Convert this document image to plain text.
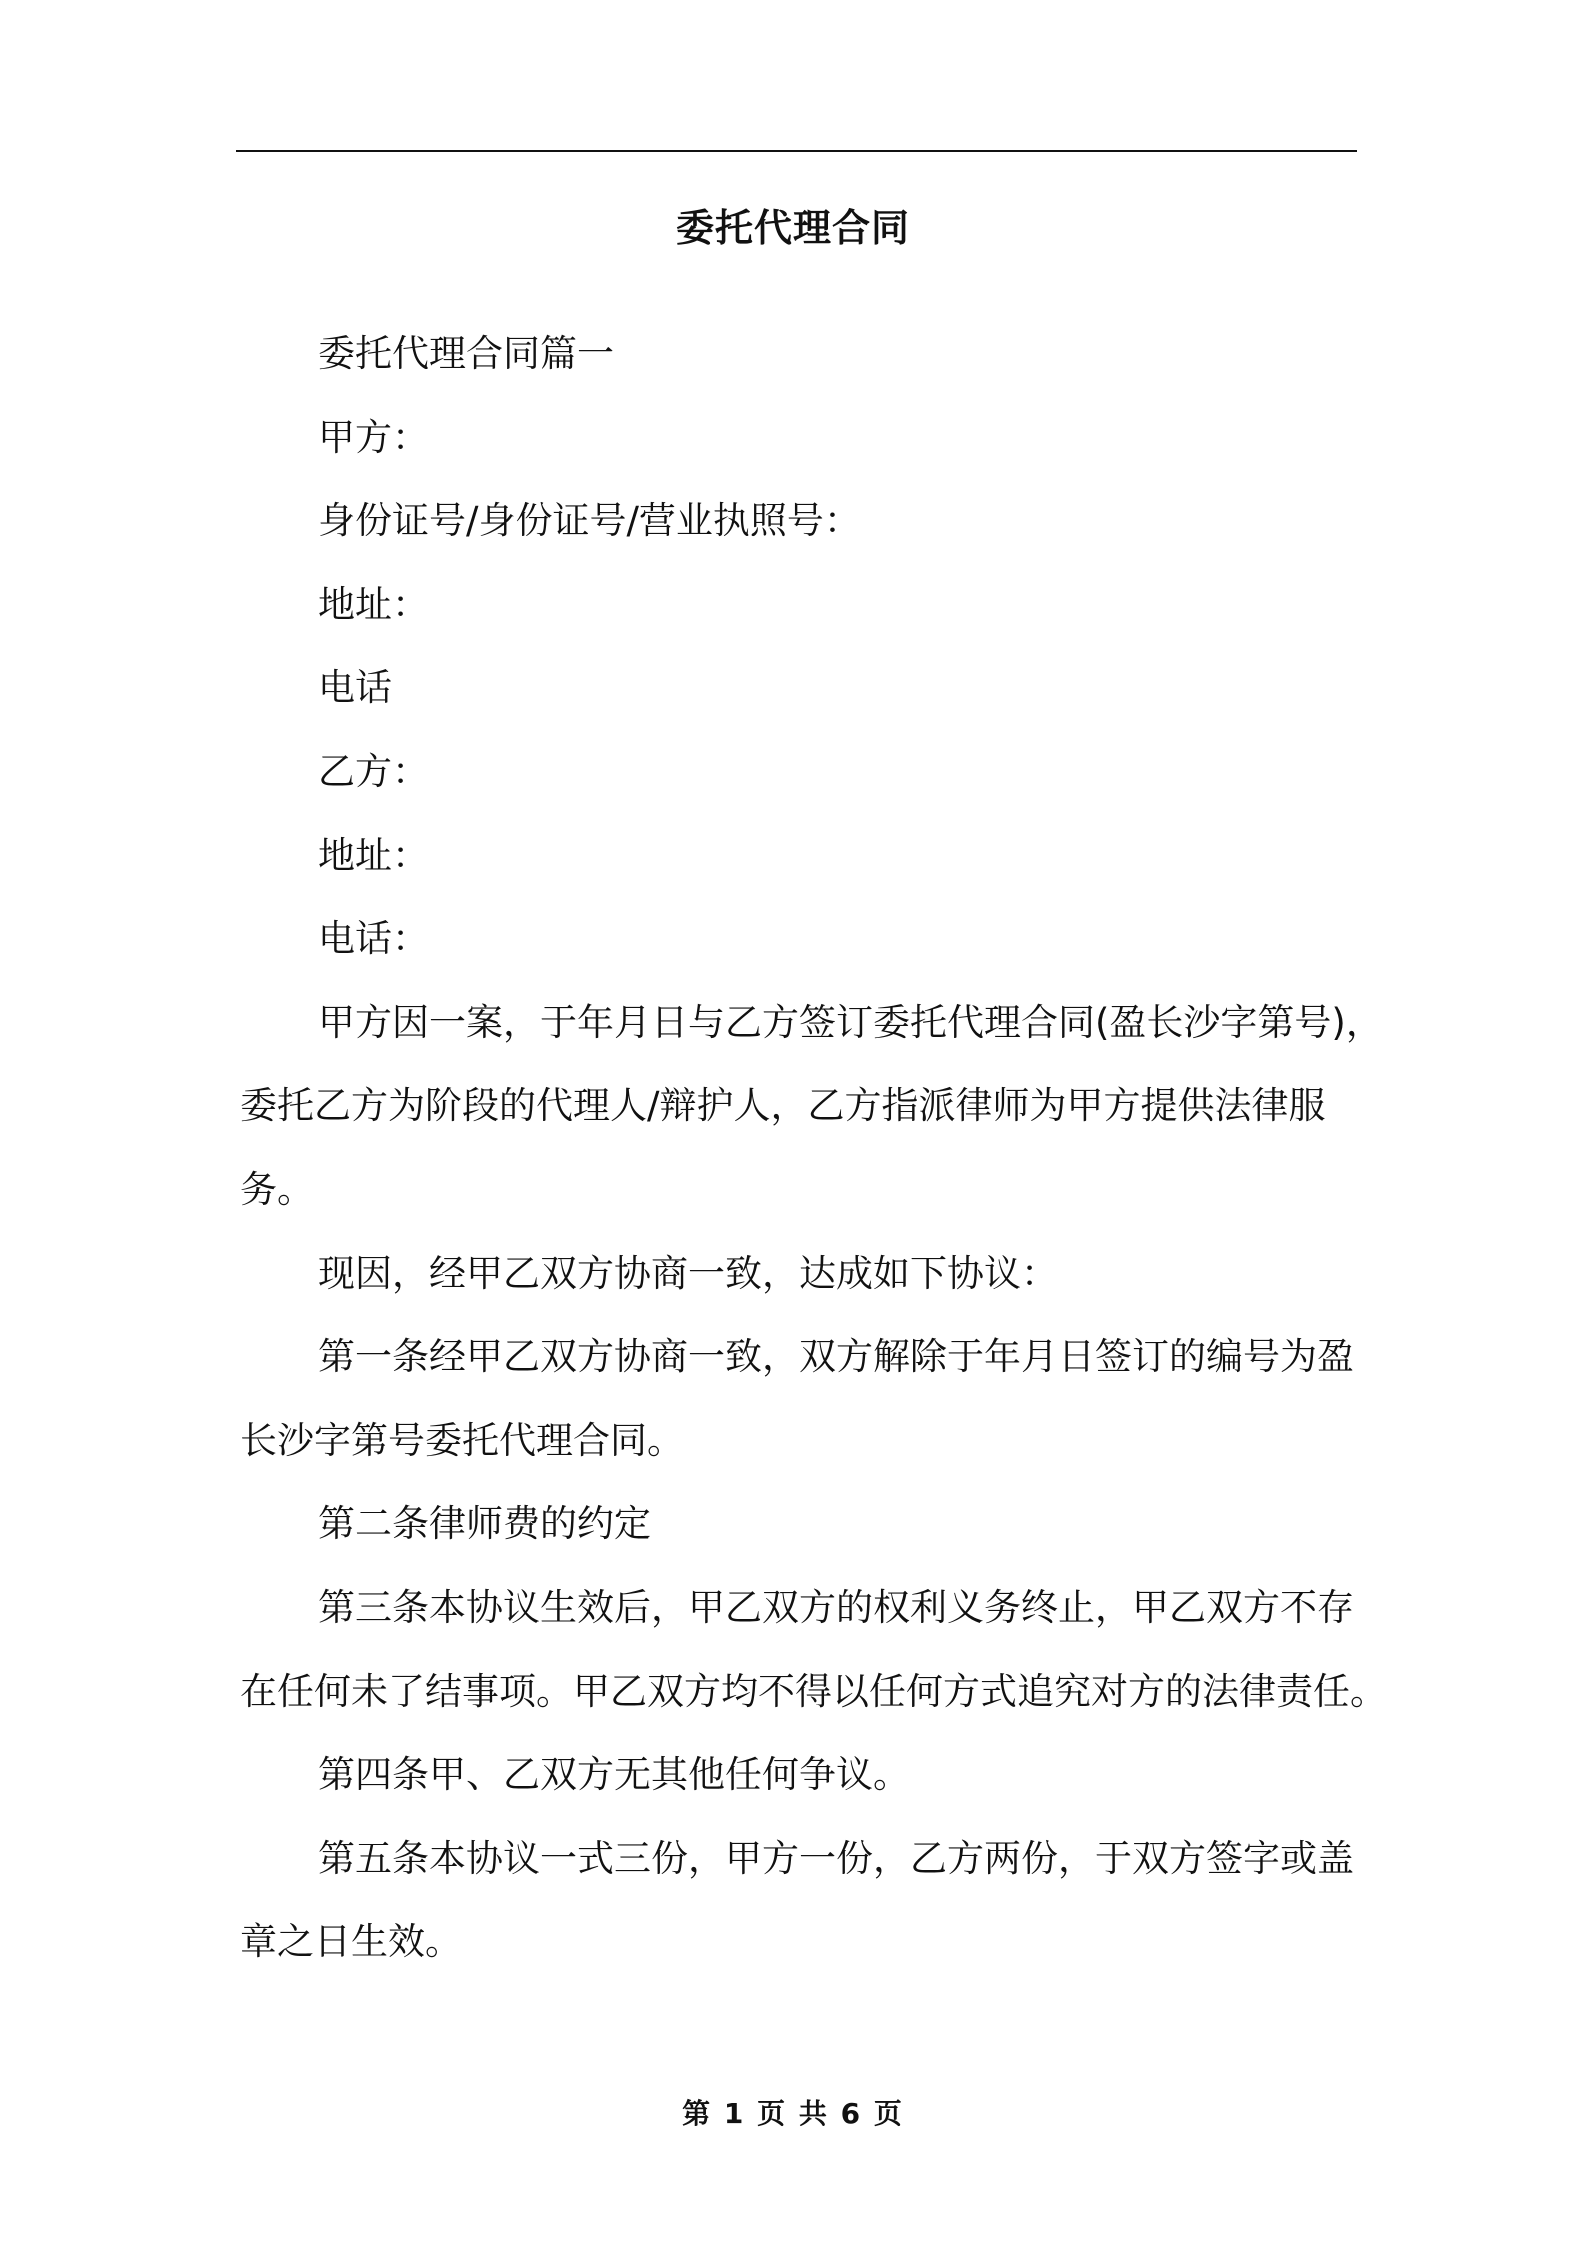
委托代理合同
委托代理合同篇一
甲方：
身份证号/身份证号/营业执照号：
地址：
电话
乙方：
地址：
电话：
甲方因一案，于年月日与乙方签订委托代理合同(盈长沙字第号)，
委托乙方为阶段的代理人/辩护人，乙方指派律师为甲方提供法律服
务。
现因，经甲乙双方协商一致，达成如下协议：
第一条经甲乙双方协商一致，双方解除于年月日签订的编号为盈
长沙字第号委托代理合同。
第二条律师费的约定
第三条本协议生效后，甲乙双方的权利义务终止，甲乙双方不存
在任何未了结事项。甲乙双方均不得以任何方式追究对方的法律责任。
第四条甲、乙双方无其他任何争议。
第五条本协议一式三份，甲方一份，乙方两份，于双方签字或盖
章之日生效。
第 1 页 共 6 页
